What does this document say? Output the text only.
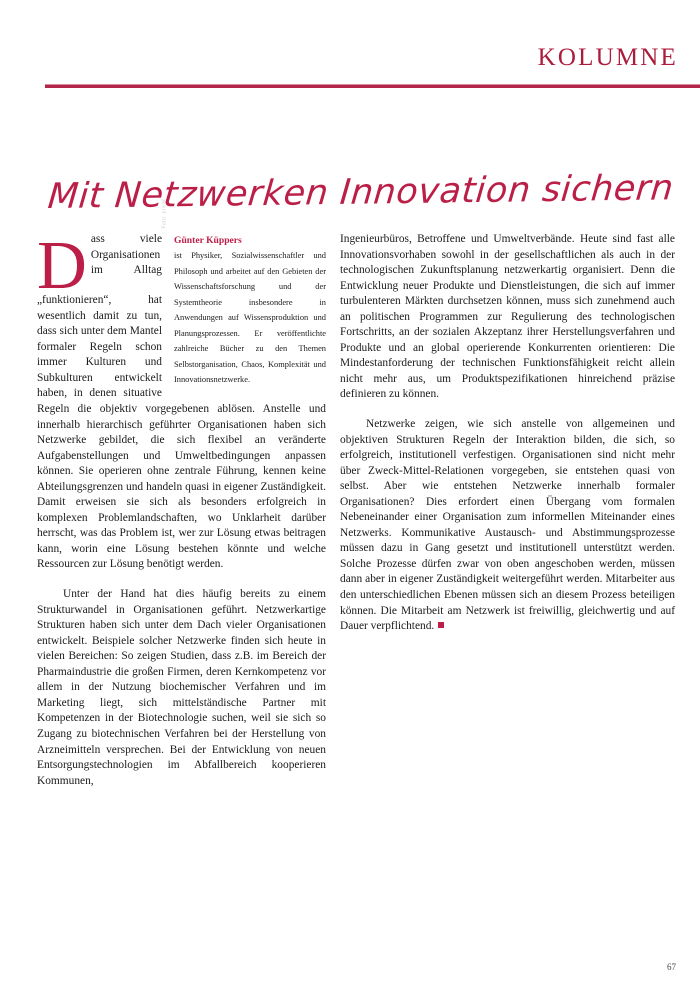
KOLUMNE
Mit Netzwerken Innovation sichern

Günter Küppers
ist Physiker, Sozialwissenschaftler und Philosoph und arbeitet auf den Gebieten der Wissenschaftsforschung und der Systemtheorie insbesondere in Anwendungen auf Wissensproduktion und Planungsprozessen. Er veröffentlichte zahlreiche Bücher zu den Themen Selbstorganisation, Chaos, Komplexität und Innovationsnetzwerke.
Dass viele Organisationen im Alltag „funktionieren“, hat wesentlich damit zu tun, dass sich unter dem Mantel formaler Regeln schon immer Kulturen und Subkulturen entwickelt haben, in denen situative Regeln die objektiv vorgegebenen ablösen. Anstelle und innerhalb hierarchisch geführter Organisationen haben sich Netzwerke gebildet, die sich flexibel an veränderte Aufgabenstellungen und Umweltbedingungen anpassen können. Sie operieren ohne zentrale Führung, kennen keine Abteilungsgrenzen und handeln quasi in eigener Zuständigkeit. Damit erweisen sie sich als besonders erfolgreich in komplexen Problemlandschaften, wo Unklarheit darüber herrscht, was das Problem ist, wer zur Lösung etwas beitragen kann, worin eine Lösung bestehen könnte und welche Ressourcen zur Lösung benötigt werden.

Unter der Hand hat dies häufig bereits zu einem Strukturwandel in Organisationen geführt. Netzwerkartige Strukturen haben sich unter dem Dach vieler Organisationen entwickelt. Beispiele solcher Netzwerke finden sich heute in vielen Bereichen: So zeigen Studien, dass z.B. im Bereich der Pharmaindustrie die großen Firmen, deren Kernkompetenz vor allem in der Nutzung biochemischer Verfahren und im Marketing liegt, sich mittelständische Partner mit Kompetenzen in der Biotechnologie suchen, weil sie sich so Zugang zu biotechnischen Verfahren bei der Herstellung von Arzneimitteln versprechen. Bei der Entwicklung von neuen Entsorgungstechnologien im Abfallbereich kooperieren Kommunen,

Ingenieurbüros, Betroffene und Umweltverbände. Heute sind fast alle Innovationsvorhaben sowohl in der gesellschaftlichen als auch in der technologischen Zukunftsplanung netzwerkartig organisiert. Denn die Entwicklung neuer Produkte und Dienstleistungen, die sich auf immer turbulenteren Märkten durchsetzen können, muss sich zunehmend auch an politischen Programmen zur Regulierung des technologischen Fortschritts, an der sozialen Akzeptanz ihrer Herstellungsverfahren und Produkte und an global operierende Konkurrenten orientieren: Die Mindestanforderung der technischen Funktionsfähigkeit reicht allein nicht mehr aus, um Produktspezifikationen hinreichend präzise definieren zu können.

Netzwerke zeigen, wie sich anstelle von allgemeinen und objektiven Strukturen Regeln der Interaktion bilden, die sich, so erfolgreich, institutionell verfestigen. Organisationen sind nicht mehr über Zweck-Mittel-Relationen vorgegeben, sie entstehen quasi von selbst. Aber wie entstehen Netzwerke innerhalb formaler Organisationen? Dies erfordert einen Übergang vom formalen Nebeneinander einer Organisation zum informellen Miteinander eines Netzwerks. Kommunikative Austausch- und Abstimmungsprozesse müssen dazu in Gang gesetzt und institutionell unterstützt werden. Solche Prozesse dürfen zwar von oben angeschoben werden, müssen dann aber in eigener Zuständigkeit weitergeführt werden. Mitarbeiter aus den unterschiedlichen Ebenen müssen sich an diesem Prozess beteiligen können. Die Mitarbeit am Netzwerk ist freiwillig, gleichwertig und auf Dauer verpflichtend.

67
